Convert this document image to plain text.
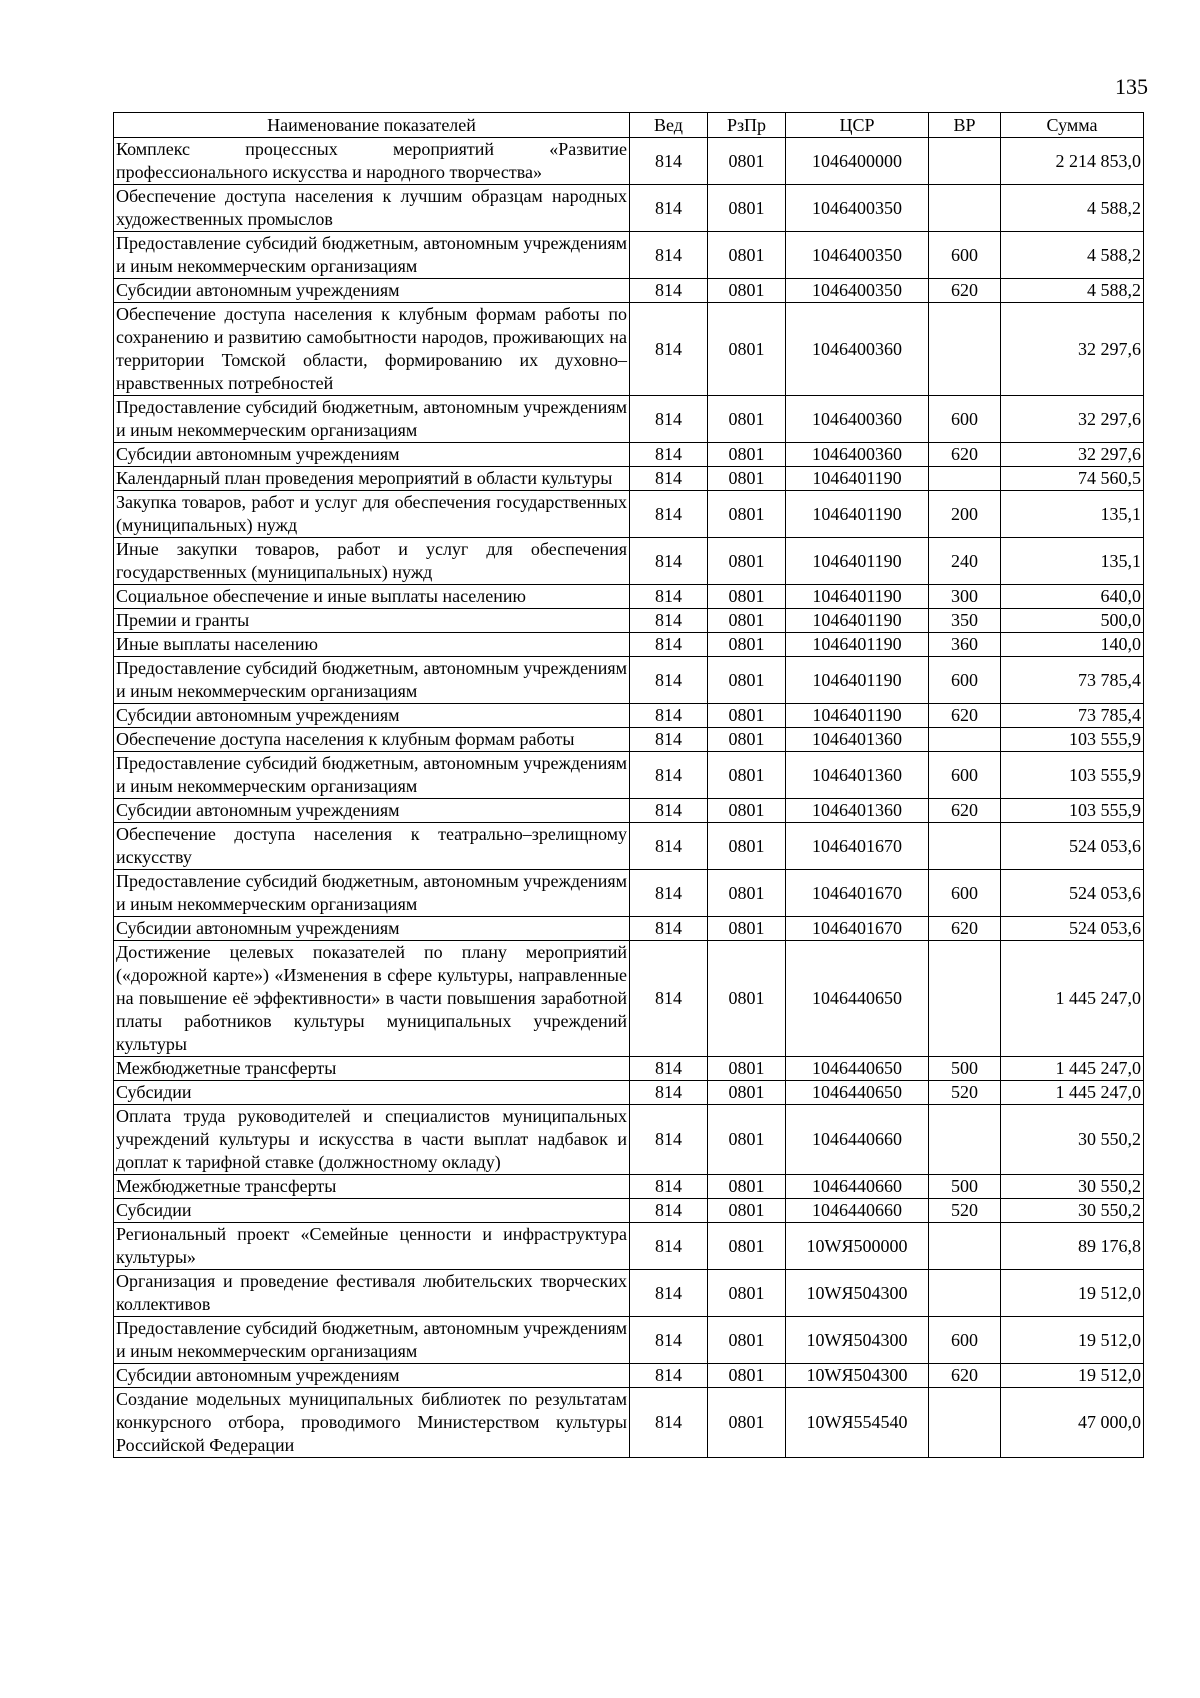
135
Наименование показателей	Вед	РзПр	ЦСР	ВР	Сумма
Комплекс процессных мероприятий «Развитие профессионального искусства и народного творчества»	814	0801	1046400000		2 214 853,0
Обеспечение доступа населения к лучшим образцам народных художественных промыслов	814	0801	1046400350		4 588,2
Предоставление субсидий бюджетным, автономным учреждениям и иным некоммерческим организациям	814	0801	1046400350	600	4 588,2
Субсидии автономным учреждениям	814	0801	1046400350	620	4 588,2
Обеспечение доступа населения к клубным формам работы по сохранению и развитию самобытности народов, проживающих на территории Томской области, формированию их духовно–нравственных потребностей	814	0801	1046400360		32 297,6
Предоставление субсидий бюджетным, автономным учреждениям и иным некоммерческим организациям	814	0801	1046400360	600	32 297,6
Субсидии автономным учреждениям	814	0801	1046400360	620	32 297,6
Календарный план проведения мероприятий в области культуры	814	0801	1046401190		74 560,5
Закупка товаров, работ и услуг для обеспечения государственных (муниципальных) нужд	814	0801	1046401190	200	135,1
Иные закупки товаров, работ и услуг для обеспечения государственных (муниципальных) нужд	814	0801	1046401190	240	135,1
Социальное обеспечение и иные выплаты населению	814	0801	1046401190	300	640,0
Премии и гранты	814	0801	1046401190	350	500,0
Иные выплаты населению	814	0801	1046401190	360	140,0
Предоставление субсидий бюджетным, автономным учреждениям и иным некоммерческим организациям	814	0801	1046401190	600	73 785,4
Субсидии автономным учреждениям	814	0801	1046401190	620	73 785,4
Обеспечение доступа населения к клубным формам работы	814	0801	1046401360		103 555,9
Предоставление субсидий бюджетным, автономным учреждениям и иным некоммерческим организациям	814	0801	1046401360	600	103 555,9
Субсидии автономным учреждениям	814	0801	1046401360	620	103 555,9
Обеспечение доступа населения к театрально–зрелищному искусству	814	0801	1046401670		524 053,6
Предоставление субсидий бюджетным, автономным учреждениям и иным некоммерческим организациям	814	0801	1046401670	600	524 053,6
Субсидии автономным учреждениям	814	0801	1046401670	620	524 053,6
Достижение целевых показателей по плану мероприятий («дорожной карте») «Изменения в сфере культуры, направленные на повышение её эффективности» в части повышения заработной платы работников культуры муниципальных учреждений культуры	814	0801	1046440650		1 445 247,0
Межбюджетные трансферты	814	0801	1046440650	500	1 445 247,0
Субсидии	814	0801	1046440650	520	1 445 247,0
Оплата труда руководителей и специалистов муниципальных учреждений культуры и искусства в части выплат надбавок и доплат к тарифной ставке (должностному окладу)	814	0801	1046440660		30 550,2
Межбюджетные трансферты	814	0801	1046440660	500	30 550,2
Субсидии	814	0801	1046440660	520	30 550,2
Региональный проект «Семейные ценности и инфраструктура культуры»	814	0801	10WЯ500000		89 176,8
Организация и проведение фестиваля любительских творческих коллективов	814	0801	10WЯ504300		19 512,0
Предоставление субсидий бюджетным, автономным учреждениям и иным некоммерческим организациям	814	0801	10WЯ504300	600	19 512,0
Субсидии автономным учреждениям	814	0801	10WЯ504300	620	19 512,0
Создание модельных муниципальных библиотек по результатам конкурсного отбора, проводимого Министерством культуры Российской Федерации	814	0801	10WЯ554540		47 000,0
